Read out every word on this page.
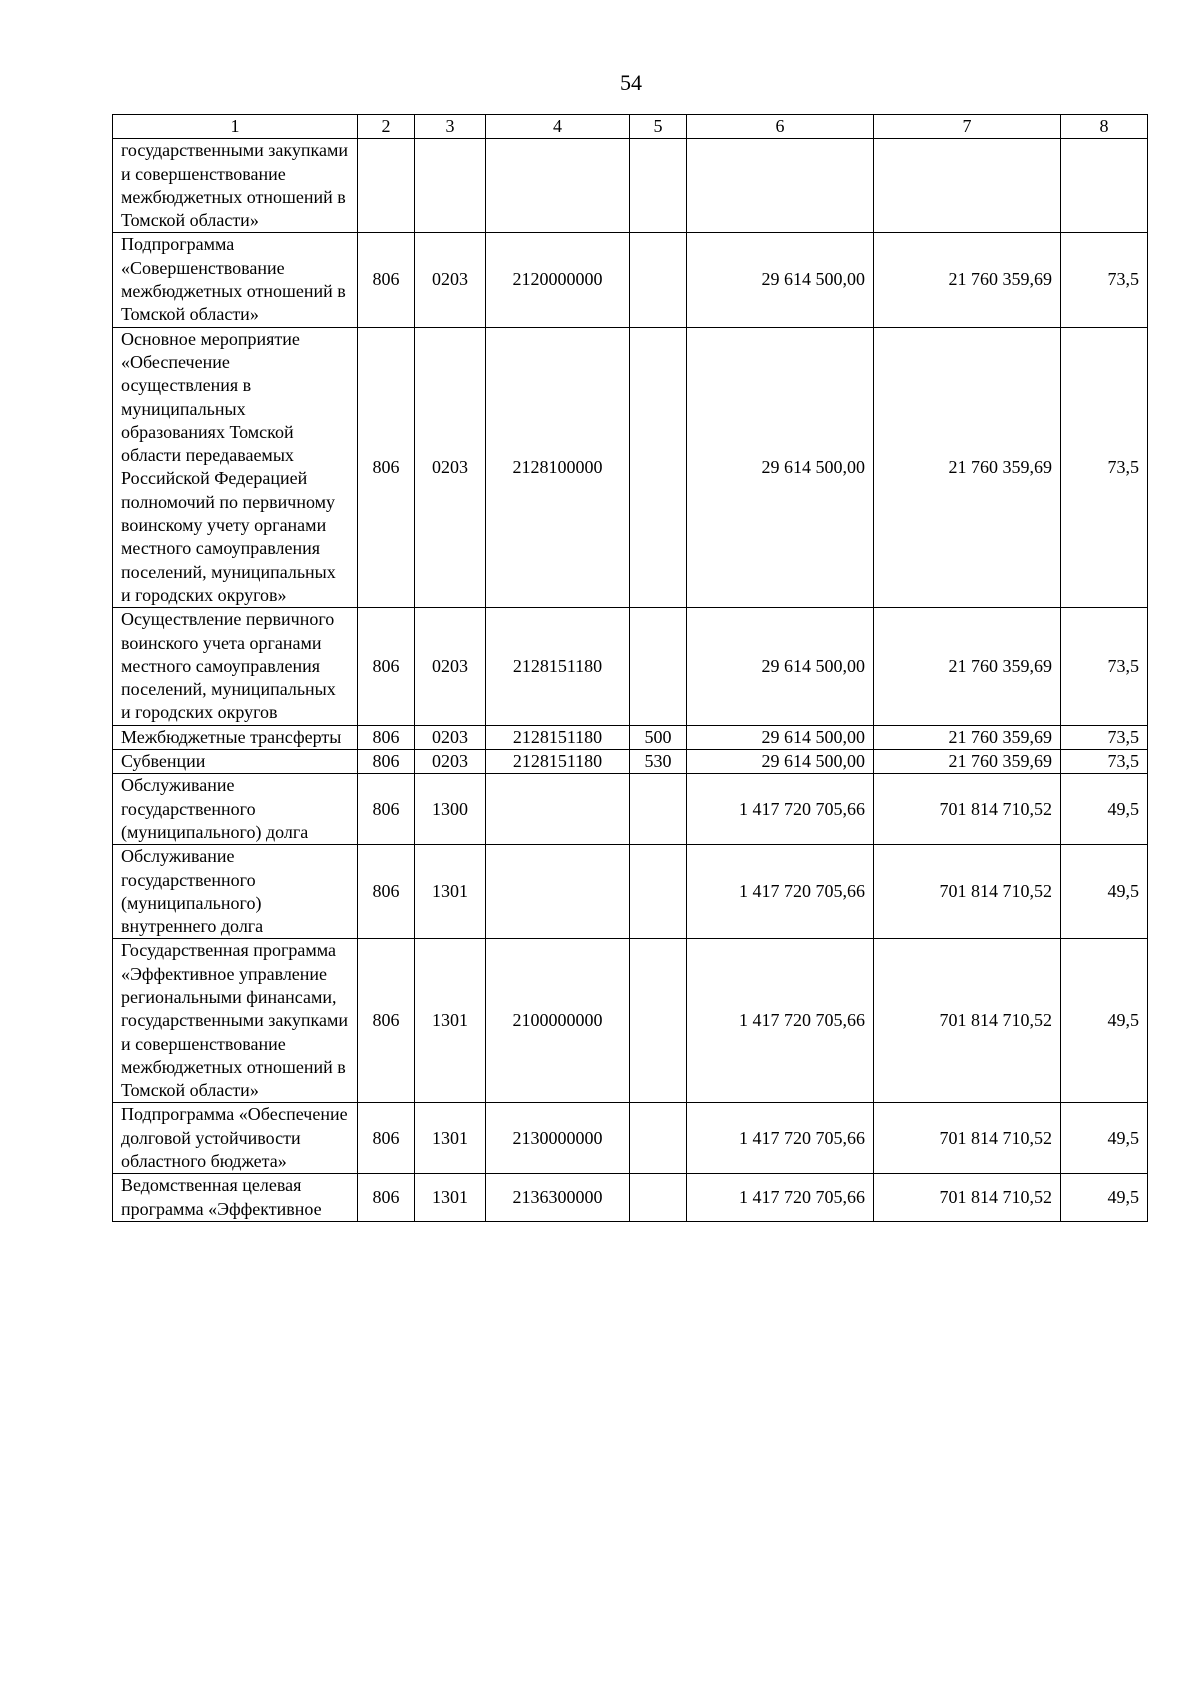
54
1	2	3	4	5	6	7	8
государственными закупками и совершенствование межбюджетных отношений в Томской области»							
Подпрограмма «Совершенствование межбюджетных отношений в Томской области»	806	0203	2120000000		29 614 500,00	21 760 359,69	73,5
Основное мероприятие «Обеспечение осуществления в муниципальных образованиях Томской области передаваемых Российской Федерацией полномочий по первичному воинскому учету органами местного самоуправления поселений, муниципальных и городских округов»	806	0203	2128100000		29 614 500,00	21 760 359,69	73,5
Осуществление первичного воинского учета органами местного самоуправления поселений, муниципальных и городских округов	806	0203	2128151180		29 614 500,00	21 760 359,69	73,5
Межбюджетные трансферты	806	0203	2128151180	500	29 614 500,00	21 760 359,69	73,5
Субвенции	806	0203	2128151180	530	29 614 500,00	21 760 359,69	73,5
Обслуживание государственного (муниципального) долга	806	1300			1 417 720 705,66	701 814 710,52	49,5
Обслуживание государственного (муниципального) внутреннего долга	806	1301			1 417 720 705,66	701 814 710,52	49,5
Государственная программа «Эффективное управление региональными финансами, государственными закупками и совершенствование межбюджетных отношений в Томской области»	806	1301	2100000000		1 417 720 705,66	701 814 710,52	49,5
Подпрограмма «Обеспечение долговой устойчивости областного бюджета»	806	1301	2130000000		1 417 720 705,66	701 814 710,52	49,5
Ведомственная целевая программа «Эффективное	806	1301	2136300000		1 417 720 705,66	701 814 710,52	49,5
